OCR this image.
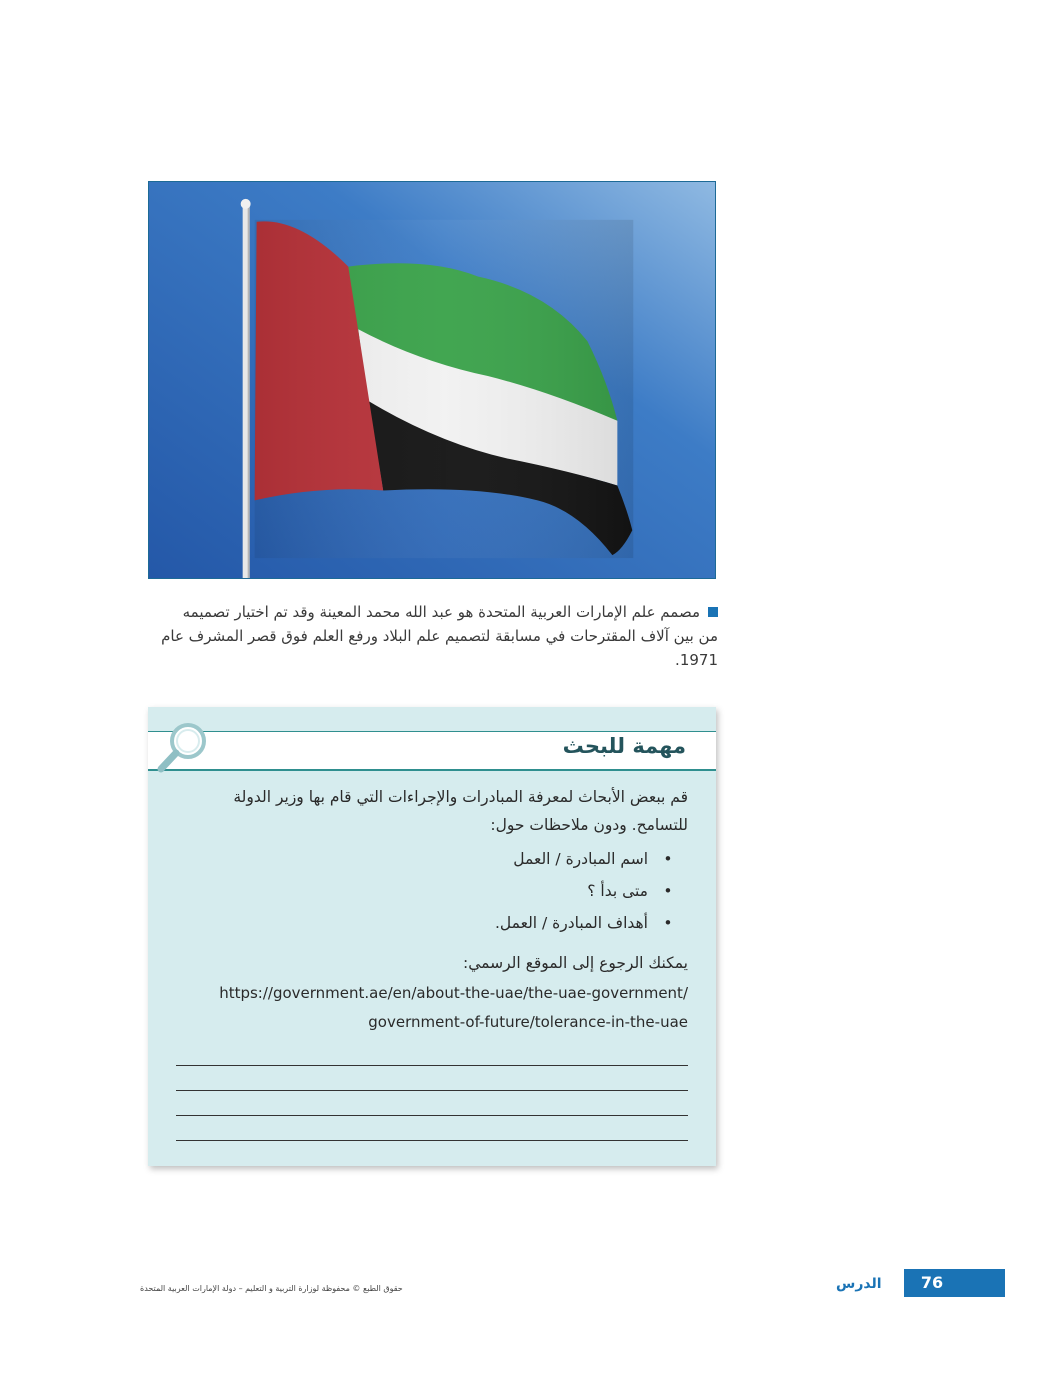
مصمم علم الإمارات العربية المتحدة هو عبد الله محمد المعينة وقد تم اختيار تصميمه من بين آلاف المقترحات في مسابقة لتصميم علم البلاد ورفع العلم فوق قصر المشرف عام 1971.
مهمة للبحث
قم ببعض الأبحاث لمعرفة المبادرات والإجراءات التي قام بها وزير الدولة للتسامح. ودون ملاحظات حول:
•اسم المبادرة / العمل
•متى بدأ ؟
•أهداف المبادرة / العمل.
يمكنك الرجوع إلى الموقع الرسمي:
https://government.ae/en/about-the-uae/the-uae-government/
government-of-future/tolerance-in-the-uae
76
الدرس
حقوق الطبع © محفوظة لوزارة التربية و التعليم – دولة الإمارات العربية المتحدة
